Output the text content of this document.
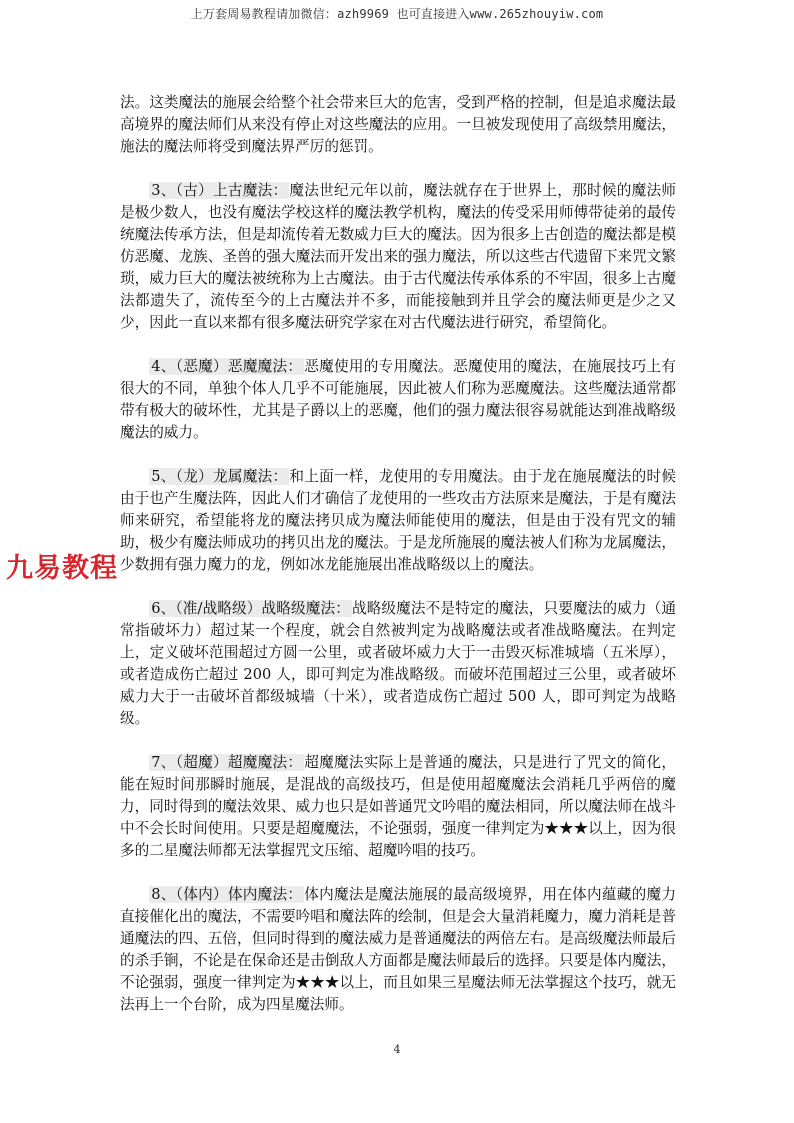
上万套周易教程请加微信：azh9969 也可直接进入www.265zhouyiw.com

法。这类魔法的施展会给整个社会带来巨大的危害，受到严格的控制，但是追求魔法最高境界的魔法师们从来没有停止对这些魔法的应用。一旦被发现使用了高级禁用魔法，施法的魔法师将受到魔法界严厉的惩罚。

3、（古）上古魔法： 魔法世纪元年以前，魔法就存在于世界上，那时候的魔法师是极少数人，也没有魔法学校这样的魔法教学机构，魔法的传受采用师傅带徒弟的最传统魔法传承方法，但是却流传着无数威力巨大的魔法。因为很多上古创造的魔法都是模仿恶魔、龙族、圣兽的强大魔法而开发出来的强力魔法，所以这些古代遗留下来咒文繁琐，威力巨大的魔法被统称为上古魔法。由于古代魔法传承体系的不牢固，很多上古魔法都遗失了，流传至今的上古魔法并不多，而能接触到并且学会的魔法师更是少之又少，因此一直以来都有很多魔法研究学家在对古代魔法进行研究，希望简化。

4、（恶魔）恶魔魔法： 恶魔使用的专用魔法。恶魔使用的魔法，在施展技巧上有很大的不同，单独个体人几乎不可能施展，因此被人们称为恶魔魔法。这些魔法通常都带有极大的破坏性，尤其是子爵以上的恶魔，他们的强力魔法很容易就能达到准战略级魔法的威力。

5、（龙）龙属魔法： 和上面一样，龙使用的专用魔法。由于龙在施展魔法的时候由于也产生魔法阵，因此人们才确信了龙使用的一些攻击方法原来是魔法，于是有魔法师来研究，希望能将龙的魔法拷贝成为魔法师能使用的魔法，但是由于没有咒文的辅助，极少有魔法师成功的拷贝出龙的魔法。于是龙所施展的魔法被人们称为龙属魔法，少数拥有强力魔力的龙，例如冰龙能施展出准战略级以上的魔法。

6、（准/战略级）战略级魔法： 战略级魔法不是特定的魔法，只要魔法的威力（通常指破坏力）超过某一个程度，就会自然被判定为战略魔法或者准战略魔法。在判定上，定义破坏范围超过方圆一公里，或者破坏威力大于一击毁灭标准城墙（五米厚），或者造成伤亡超过 200 人，即可判定为准战略级。而破坏范围超过三公里，或者破坏威力大于一击破坏首都级城墙（十米），或者造成伤亡超过 500 人，即可判定为战略级。

7、（超魔）超魔魔法： 超魔魔法实际上是普通的魔法，只是进行了咒文的简化，能在短时间那瞬时施展，是混战的高级技巧，但是使用超魔魔法会消耗几乎两倍的魔力，同时得到的魔法效果、威力也只是如普通咒文吟唱的魔法相同，所以魔法师在战斗中不会长时间使用。只要是超魔魔法，不论强弱，强度一律判定为★★★以上，因为很多的二星魔法师都无法掌握咒文压缩、超魔吟唱的技巧。

8、（体内）体内魔法： 体内魔法是魔法施展的最高级境界，用在体内蕴藏的魔力直接催化出的魔法，不需要吟唱和魔法阵的绘制，但是会大量消耗魔力，魔力消耗是普通魔法的四、五倍，但同时得到的魔法威力是普通魔法的两倍左右。是高级魔法师最后的杀手锏，不论是在保命还是击倒敌人方面都是魔法师最后的选择。只要是体内魔法，不论强弱，强度一律判定为★★★以上，而且如果三星魔法师无法掌握这个技巧，就无法再上一个台阶，成为四星魔法师。

九易教程
4
